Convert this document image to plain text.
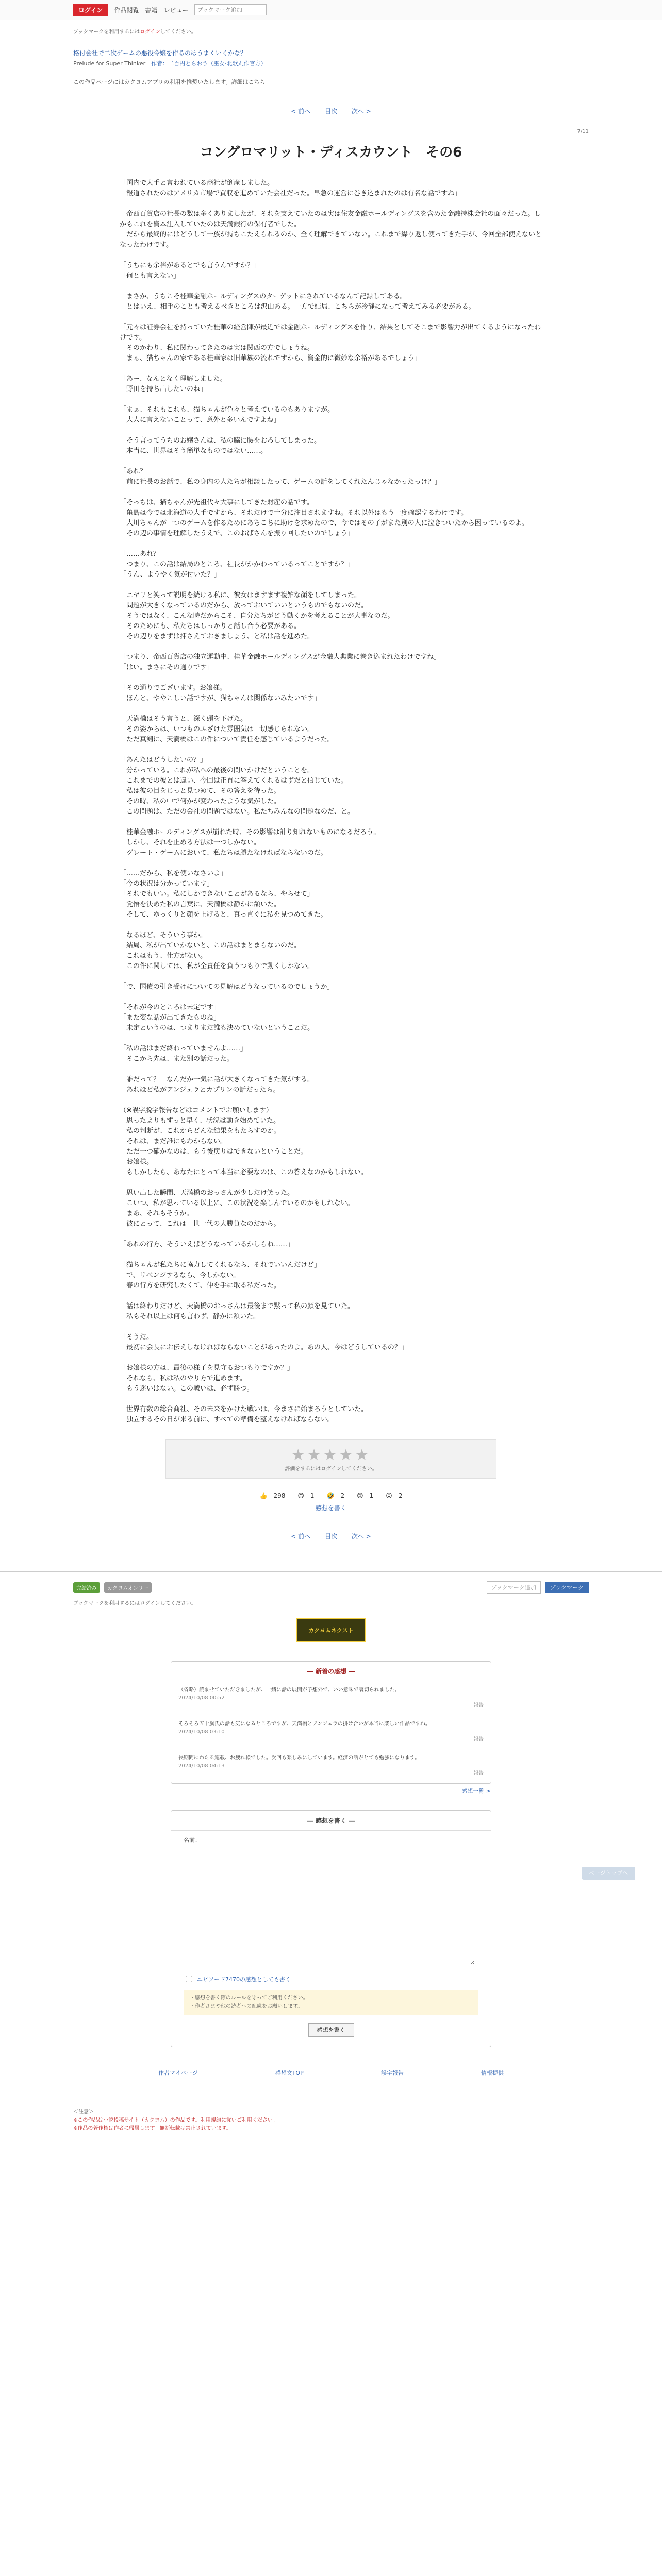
ログイン	作品閲覧 書籍 レビュー
ブックマーク追加
ブックマークを利用するにはログインしてください。
格付会社で二次ゲームの悪役令嬢を作るのはうまくいくかな？
Prelude for Super Thinker　 作者：二百円とらおう（巫女·北歌丸作官方）
この作品ページにはカクヨムアプリの利用を推奨いたします。詳細はこちら
< 前へ 目次 次へ >
7/11
コングロマリット・ディスカウント　その6

「国内で大手と言われている商社が倒産しました。
　報道されたのはアメリカ市場で買収を進めていた会社だった。早急の運営に巻き込まれたのは有名な話ですね」

　帝西百貨店の社長の数は多くありましたが、それを支えていたのは実は住友金融ホールディングスを含めた金融持株会社の面々だった。しかもこれを資本注入していたのは天満銀行の保有者でした。
　だから最終的にはどうして一族が持ちこたえられるのか、全く理解できていない。これまで繰り返し使ってきた手が、今回全部使えないとなったわけです。

「うちにも余裕があるとでも言うんですか？」
「何とも言えない」

　まさか、うちこそ桂華金融ホールディングスのターゲットにされているなんて記録してある。
　とはいえ、相手のことも考えるべきところは沢山ある。一方で結局、こちらが冷静になって考えてみる必要がある。

「元々は証券会社を持っていた桂華の経営陣が最近では金融ホールディングスを作り、結果としてそこまで影響力が出てくるようになったわけです。
　そのかわり、私に関わってきたのは実は関西の方でしょうね。
　まぁ、猫ちゃんの家である桂華家は旧華族の流れですから、資金的に微妙な余裕があるでしょう」

「あー、なんとなく理解しました。
　野田を持ち出したいのね」

「まぁ、それもこれも、猫ちゃんが色々と考えているのもありますが。
　大人に言えないことって、意外と多いんですよね」

　そう言ってうちのお嬢さんは、私の脇に腰をおろしてしまった。
　本当に、世界はそう簡単なものではない……。

「あれ？
　前に社長のお話で、私の身内の人たちが相談したって、ゲームの話をしてくれたんじゃなかったっけ？」

「そっちは、猫ちゃんが先祖代々大事にしてきた財産の話です。
　亀島は今では北海道の大手ですから、それだけで十分に注目されますね。それ以外はもう一度確認するわけです。
　大川ちゃんが一つのゲームを作るためにあちこちに助けを求めたので、今ではその子がまた別の人に泣きついたから困っているのよ。
　その辺の事情を理解したうえで、このおばさんを振り回したいのでしょう」

「……あれ？
　つまり、この話は結局のところ、社長がかかわっているってことですか？」
「うん、ようやく気が付いた？」

　ニヤリと笑って説明を続ける私に、彼女はますます複雑な顔をしてしまった。
　問題が大きくなっているのだから、放っておいていいというものでもないのだ。
　そうではなく、こんな時だからこそ、自分たちがどう動くかを考えることが大事なのだ。
　そのためにも、私たちはしっかりと話し合う必要がある。
　その辺りをまずは押さえておきましょう、と私は話を進めた。

「つまり、帝西百貨店の独立運動中、桂華金融ホールディングスが金融大典業に巻き込まれたわけですね」
「はい。まさにその通りです」

「その通りでございます。お嬢様。
　ほんと、ややこしい話ですが、猫ちゃんは関係ないみたいです」

　天満橋はそう言うと、深く頭を下げた。
　その姿からは、いつものふざけた雰囲気は一切感じられない。
　ただ真剣に、天満橋はこの件について責任を感じているようだった。

「あんたはどうしたいの？」
　分かっている。これが私への最後の問いかけだということを。
　これまでの彼とは違い、今回は正直に答えてくれるはずだと信じていた。
　私は彼の目をじっと見つめて、その答えを待った。
　その時、私の中で何かが変わったような気がした。
　この問題は、ただの会社の問題ではない。私たちみんなの問題なのだ、と。

　桂華金融ホールディングスが崩れた時、その影響は計り知れないものになるだろう。
　しかし、それを止める方法は一つしかない。
　グレート・ゲームにおいて、私たちは勝たなければならないのだ。

「……だから、私を使いなさいよ」
「今の状況は分かっています」
「それでもいい。私にしかできないことがあるなら、やらせて」
　覚悟を決めた私の言葉に、天満橋は静かに頷いた。
　そして、ゆっくりと顔を上げると、真っ直ぐに私を見つめてきた。

　なるほど、そういう事か。
　結局、私が出ていかないと、この話はまとまらないのだ。
　これはもう、仕方がない。
　この件に関しては、私が全責任を負うつもりで動くしかない。

「で、国債の引き受けについての見解はどうなっているのでしょうか」

「それが今のところは未定です」
「また変な話が出てきたものね」
　未定というのは、つまりまだ誰も決めていないということだ。

「私の話はまだ終わっていませんよ……」
　そこから先は、また別の話だった。

　誰だって？　なんだか一気に話が大きくなってきた気がする。
　あれほど私がアンジェラとカプリンの話だったら。

（※誤字脱字報告などはコメントでお願いします）
　思ったよりもずっと早く、状況は動き始めていた。
　私の判断が、これからどんな結果をもたらすのか。
　それは、まだ誰にもわからない。
　ただ一つ確かなのは、もう後戻りはできないということだ。
　お嬢様。
　もしかしたら、あなたにとって本当に必要なのは、この答えなのかもしれない。

　思い出した瞬間、天満橋のおっさんが少しだけ笑った。
　こいつ、私が思っている以上に、この状況を楽しんでいるのかもしれない。
　まあ、それもそうか。
　彼にとって、これは一世一代の大勝負なのだから。

「あれの行方、そういえばどうなっているかしらね……」

「猫ちゃんが私たちに協力してくれるなら、それでいいんだけど」
　で、リベンジするなら、今しかない。
　春の行方を研究したくて、仲を手に取る私だった。

　話は終わりだけど、天満橋のおっさんは最後まで黙って私の顔を見ていた。
　私もそれ以上は何も言わず、静かに頷いた。

「そうだ。
　最初に会長にお伝えしなければならないことがあったのよ。あの人、今はどうしているの？」

「お嬢様の方は、最後の様子を見守るおつもりですか？」
　それなら、私は私のやり方で進めます。
　もう迷いはない。この戦いは、必ず勝つ。

　世界有数の総合商社、その未来をかけた戦いは、今まさに始まろうとしていた。
　独立するその日が来る前に、すべての準備を整えなければならない。

★★★★★
評価をするにはログインしてください。
👍 298 😊 1 🤣 2 😢 1 😮 2
感想を書く
< 前へ 目次 次へ >
ページトップへ
完結済み	カクヨムオンリー	ブックマーク追加	ブックマーク
ブックマークを利用するにはログインしてください。
カクヨムネクスト
― 新着の感想 ―
（省略）読ませていただきましたが、一緒に話の展開が予想外で、いい意味で裏切られました。
2024/10/08 00:52
報告
そろそろ五十嵐氏の話も気になるところですが、天満橋とアンジェラの掛け合いが本当に楽しい作品ですね。
2024/10/08 03:10
報告
長期間にわたる連載、お疲れ様でした。次回も楽しみにしています。経済の話がとても勉強になります。
2024/10/08 04:13
報告
感想一覧 >
― 感想を書く ―
名前：
エピソード7470の感想としても書く
・感想を書く際のルールを守ってご利用ください。
・作者さまや他の読者への配慮をお願いします。
感想を書く
作者マイページ	感想文TOP	誤字報告	情報提供
＜注意＞
※この作品は小説投稿サイト（カクヨム）の作品です。利用規約に従いご利用ください。
※作品の著作権は作者に帰属します。無断転載は禁止されています。
